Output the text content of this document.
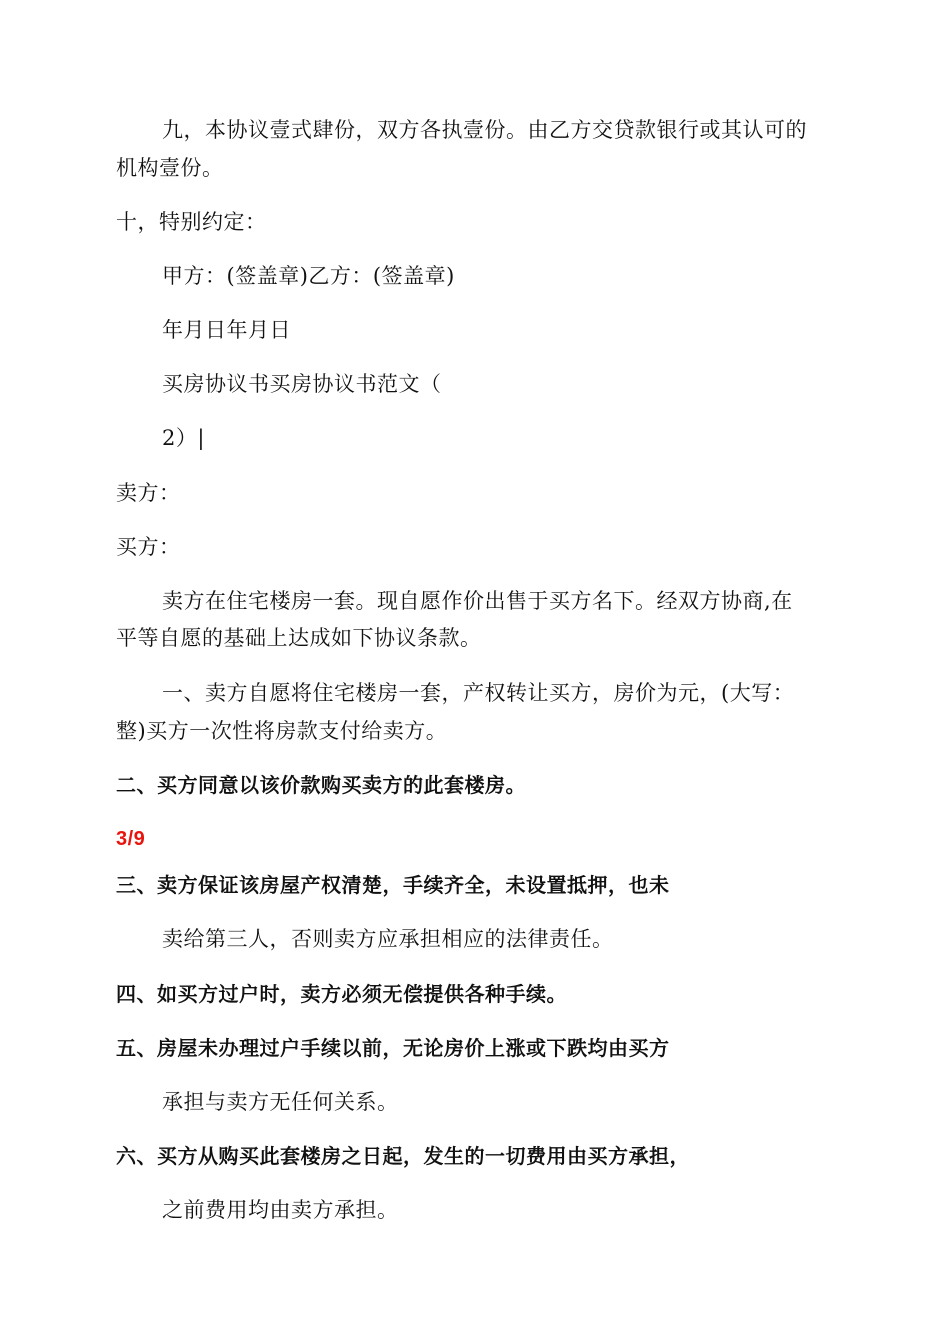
九，本协议壹式肆份，双方各执壹份。由乙方交贷款银行或其认可的
机构壹份。
十，特别约定：
甲方：(签盖章)乙方：(签盖章)
年月日年月日
买房协议书买房协议书范文（
2）|
卖方：
买方：
卖方在住宅楼房一套。现自愿作价出售于买方名下。经双方协商,在
平等自愿的基础上达成如下协议条款。
一、卖方自愿将住宅楼房一套，产权转让买方，房价为元，(大写：
整)买方一次性将房款支付给卖方。
二、买方同意以该价款购买卖方的此套楼房。
3/9
三、卖方保证该房屋产权清楚，手续齐全，未设置抵押，也未
卖给第三人，否则卖方应承担相应的法律责任。
四、如买方过户时，卖方必须无偿提供各种手续。
五、房屋未办理过户手续以前，无论房价上涨或下跌均由买方
承担与卖方无任何关系。
六、买方从购买此套楼房之日起，发生的一切费用由买方承担，
之前费用均由卖方承担。
